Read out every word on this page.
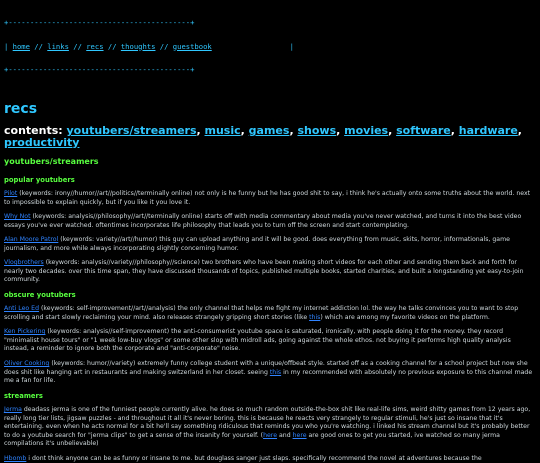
+------------------------------------------+

| home // links // recs // thoughts // guestbook	|

+------------------------------------------+

recs
contents: youtubers/streamers, music, games, shows, movies, software, hardware, productivity
youtubers/streamers
popular youtubers

Pilot (keywords: irony//humor//art//politics//terminally online) not only is he funny but he has good shit to say, i think he's actually onto some truths about the world. next to impossible to explain quickly, but if you like it you love it.

Why Not (keywords: analysis//philosophy//art//terminally online) starts off with media commentary about media you've never watched, and turns it into the best video essays you've ever watched. oftentimes incorporates life philosophy that leads you to turn off the screen and start contemplating.

Alan Moore Patrol (keywords: variety//art//humor) this guy can upload anything and it will be good. does everything from music, skits, horror, informationals, game journalism, and more while always incorporating slightly concerning humor.

Vlogbrothers (keywords: analysis//variety//philosophy//science) two brothers who have been making short videos for each other and sending them back and forth for nearly two decades. over this time span, they have discussed thousands of topics, published multiple books, started charities, and built a longstanding yet easy-to-join community.

obscure youtubers

Anti Leo Ed (keywords: self-improvement//art//analysis) the only channel that helps me fight my internet addiction lol. the way he talks convinces you to want to stop scrolling and start slowly reclaiming your mind. also releases strangely gripping short stories (like this) which are among my favorite videos on the platform.

Ken Pickering (keywords: analysis//self-improvement) the anti-consumerist youtube space is saturated, ironically, with people doing it for the money. they record "minimalist house tours" or "1 week low-buy vlogs" or some other slop with midroll ads, going against the whole ethos. not buying it performs high quality analysis instead, a reminder to ignore both the corporate and "anti-corporate" noise.

Oliver Cooking (keywords: humor//variety) extremely funny college student with a unique/offbeat style. started off as a cooking channel for a school project but now she does shit like hanging art in restaurants and making switzerland in her closet. seeing this in my recommended with absolutely no previous exposure to this channel made me a fan for life.

streamers

Jerma deadass jerma is one of the funniest people currently alive. he does so much random outside-the-box shit like real-life sims, weird shitty games from 12 years ago, really long tier lists, jigsaw puzzles - and throughout it all it's never boring. this is because he reacts very strangely to regular stimuli, he's just so insane that it's entertaining. even when he acts normal for a bit he'll say something ridiculous that reminds you who you're watching. i linked his stream channel but it's probably better to do a youtube search for "jerma clips" to get a sense of the insanity for yourself. (here and here are good ones to get you started, ive watched so many jerma compilations it's unbelievable)

Hbomb i dont think anyone can be as funny or insane to me. but douglass sanger just slaps. specifically recommend the novel at adventures because the
